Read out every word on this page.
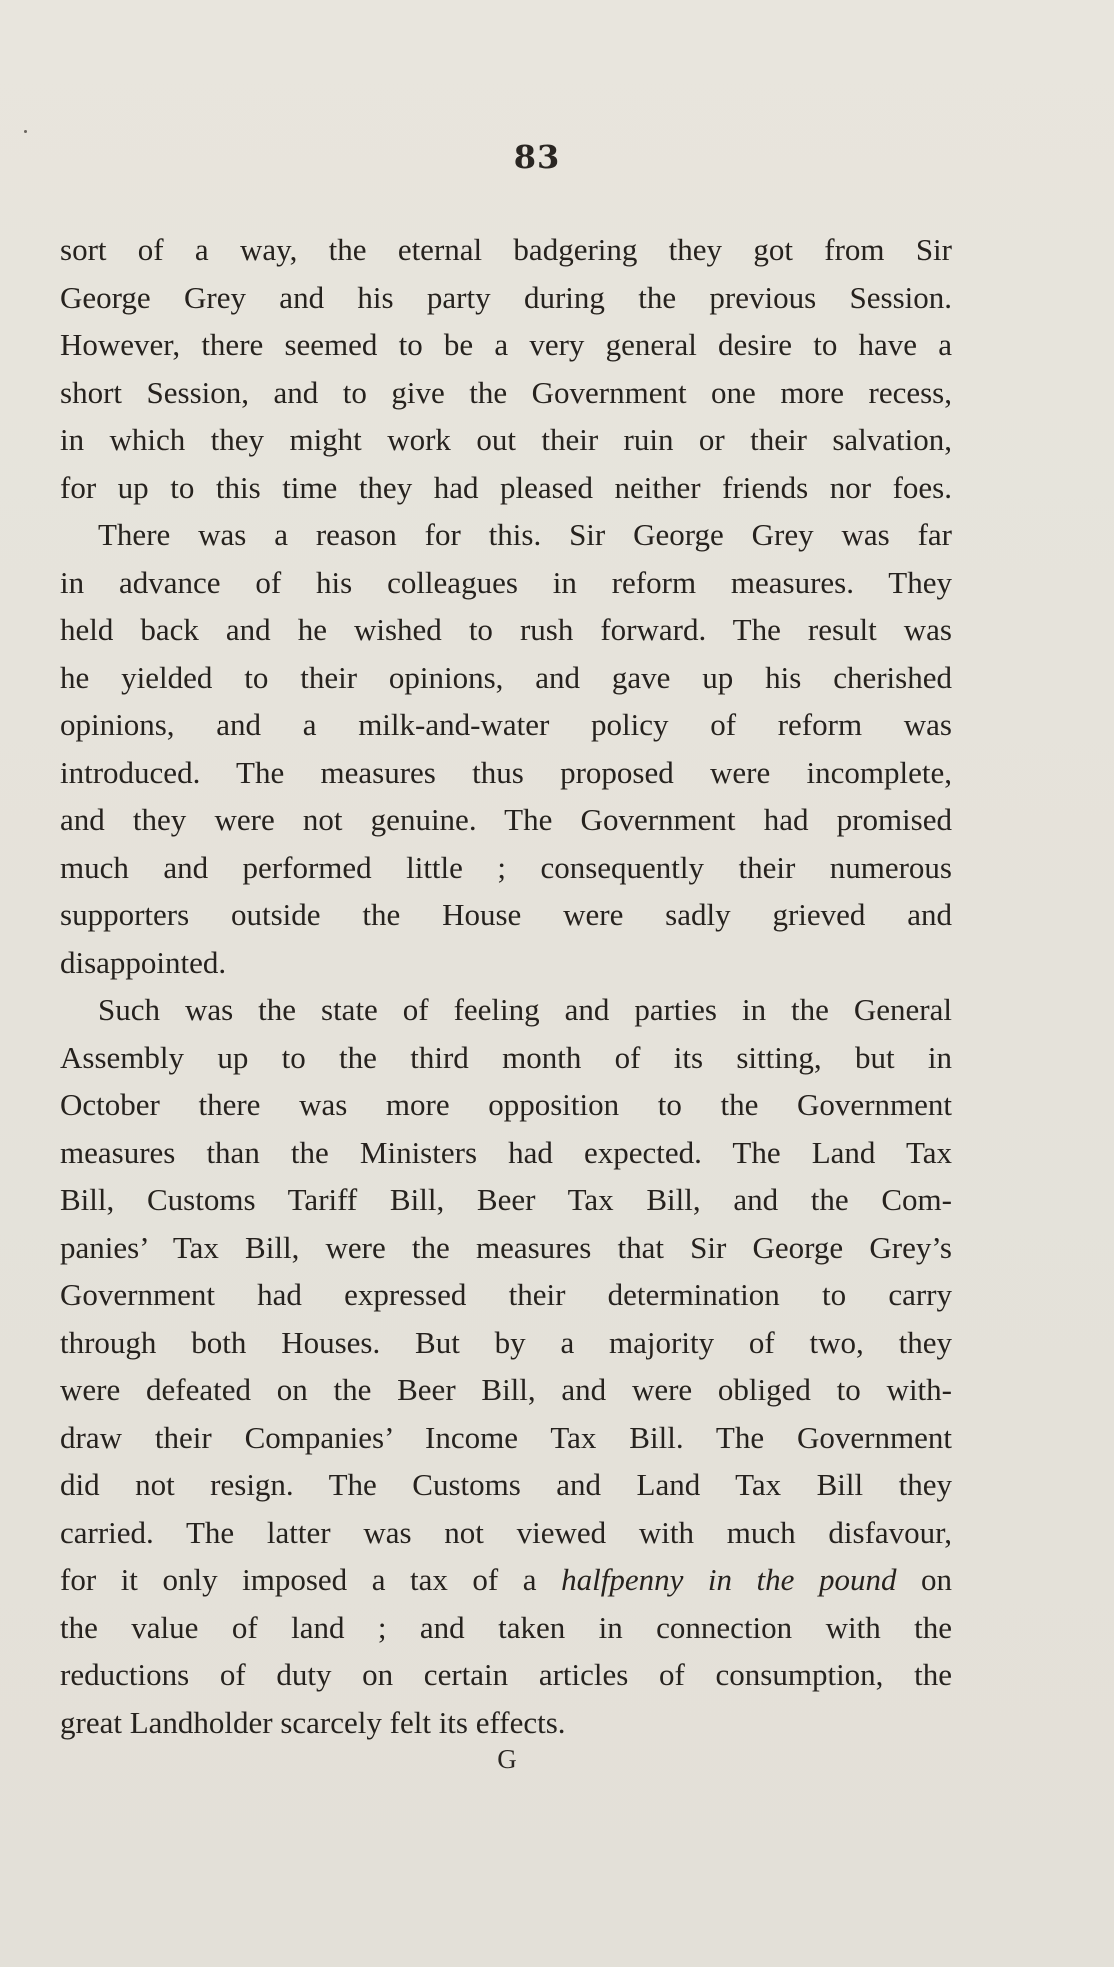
83
sort of a way, the eternal badgering they got from Sir
George Grey and his party during the previous Session.
However, there seemed to be a very general desire to have a
short Session, and to give the Government one more recess,
in which they might work out their ruin or their salvation,
for up to this time they had pleased neither friends nor foes.
There was a reason for this. Sir George Grey was far
in advance of his colleagues in reform measures. They
held back and he wished to rush forward. The result was
he yielded to their opinions, and gave up his cherished
opinions, and a milk-and-water policy of reform was
introduced. The measures thus proposed were incomplete,
and they were not genuine. The Government had promised
much and performed little ; consequently their numerous
supporters outside the House were sadly grieved and
disappointed.
Such was the state of feeling and parties in the General
Assembly up to the third month of its sitting, but in
October there was more opposition to the Government
measures than the Ministers had expected. The Land Tax
Bill, Customs Tariff Bill, Beer Tax Bill, and the Com-
panies’ Tax Bill, were the measures that Sir George Grey’s
Government had expressed their determination to carry
through both Houses. But by a majority of two, they
were defeated on the Beer Bill, and were obliged to with-
draw their Companies’ Income Tax Bill. The Government
did not resign. The Customs and Land Tax Bill they
carried. The latter was not viewed with much disfavour,
for it only imposed a tax of a halfpenny in the pound on
the value of land ; and taken in connection with the
reductions of duty on certain articles of consumption, the
great Landholder scarcely felt its effects.
G
